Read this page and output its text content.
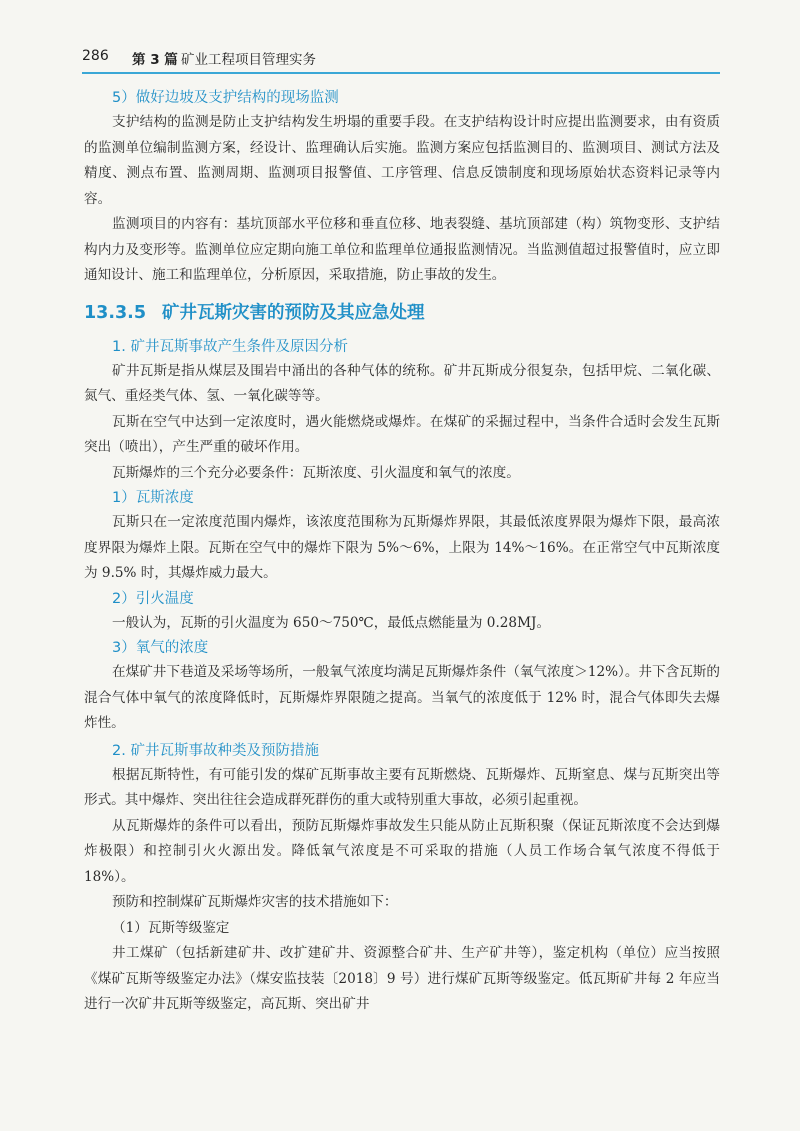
286 第 3 篇 矿业工程项目管理实务
5）做好边坡及支护结构的现场监测

支护结构的监测是防止支护结构发生坍塌的重要手段。在支护结构设计时应提出监测要求，由有资质的监测单位编制监测方案，经设计、监理确认后实施。监测方案应包括监测目的、监测项目、测试方法及精度、测点布置、监测周期、监测项目报警值、工序管理、信息反馈制度和现场原始状态资料记录等内容。

监测项目的内容有：基坑顶部水平位移和垂直位移、地表裂缝、基坑顶部建（构）筑物变形、支护结构内力及变形等。监测单位应定期向施工单位和监理单位通报监测情况。当监测值超过报警值时，应立即通知设计、施工和监理单位，分析原因，采取措施，防止事故的发生。

13.3.5 矿井瓦斯灾害的预防及其应急处理
1. 矿井瓦斯事故产生条件及原因分析

矿井瓦斯是指从煤层及围岩中涌出的各种气体的统称。矿井瓦斯成分很复杂，包括甲烷、二氧化碳、氮气、重烃类气体、氢、一氧化碳等等。

瓦斯在空气中达到一定浓度时，遇火能燃烧或爆炸。在煤矿的采掘过程中，当条件合适时会发生瓦斯突出（喷出），产生严重的破坏作用。

瓦斯爆炸的三个充分必要条件：瓦斯浓度、引火温度和氧气的浓度。

1）瓦斯浓度

瓦斯只在一定浓度范围内爆炸，该浓度范围称为瓦斯爆炸界限，其最低浓度界限为爆炸下限，最高浓度界限为爆炸上限。瓦斯在空气中的爆炸下限为 5%～6%，上限为 14%～16%。在正常空气中瓦斯浓度为 9.5% 时，其爆炸威力最大。

2）引火温度

一般认为，瓦斯的引火温度为 650～750℃，最低点燃能量为 0.28MJ。

3）氧气的浓度

在煤矿井下巷道及采场等场所，一般氧气浓度均满足瓦斯爆炸条件（氧气浓度＞12%）。井下含瓦斯的混合气体中氧气的浓度降低时，瓦斯爆炸界限随之提高。当氧气的浓度低于 12% 时，混合气体即失去爆炸性。

2. 矿井瓦斯事故种类及预防措施

根据瓦斯特性，有可能引发的煤矿瓦斯事故主要有瓦斯燃烧、瓦斯爆炸、瓦斯窒息、煤与瓦斯突出等形式。其中爆炸、突出往往会造成群死群伤的重大或特别重大事故，必须引起重视。

从瓦斯爆炸的条件可以看出，预防瓦斯爆炸事故发生只能从防止瓦斯积聚（保证瓦斯浓度不会达到爆炸极限）和控制引火火源出发。降低氧气浓度是不可采取的措施（人员工作场合氧气浓度不得低于 18%）。

预防和控制煤矿瓦斯爆炸灾害的技术措施如下：

（1）瓦斯等级鉴定

井工煤矿（包括新建矿井、改扩建矿井、资源整合矿井、生产矿井等），鉴定机构（单位）应当按照《煤矿瓦斯等级鉴定办法》（煤安监技装〔2018〕9 号）进行煤矿瓦斯等级鉴定。低瓦斯矿井每 2 年应当进行一次矿井瓦斯等级鉴定，高瓦斯、突出矿井
